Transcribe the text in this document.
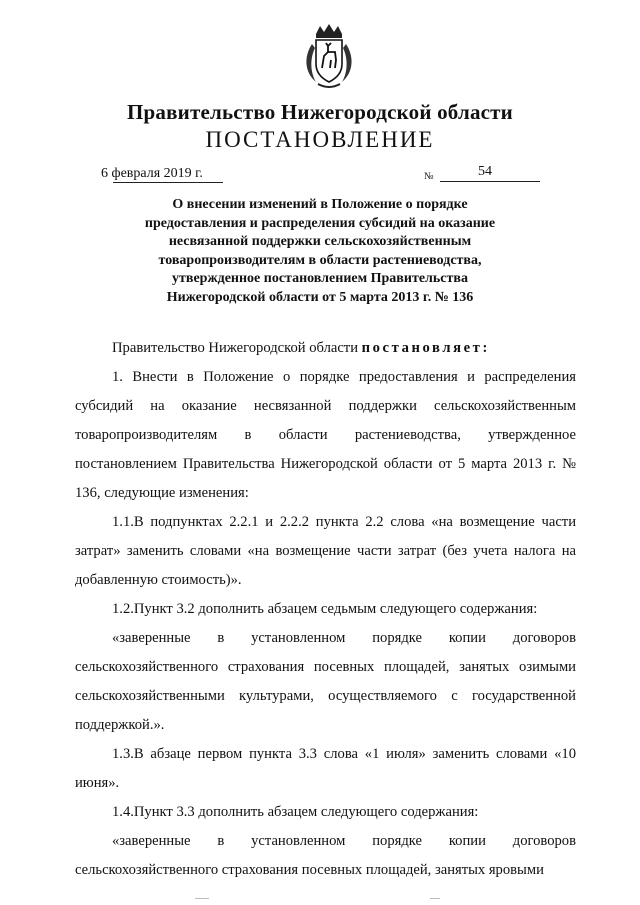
Правительство Нижегородской области
ПОСТАНОВЛЕНИЕ
6 февраля 2019 г.	№	54
О внесении изменений в Положение о порядке
предоставления и распределения субсидий на оказание
несвязанной поддержки сельскохозяйственным
товаропроизводителям в области растениеводства,
утвержденное постановлением Правительства
Нижегородской области от 5 марта 2013 г. № 136

Правительство Нижегородской области постановляет:

1. Внести в Положение о порядке предоставления и распределения субсидий на оказание несвязанной поддержки сельскохозяйственным товаропроизводителям в области растениеводства, утвержденное постановлением Правительства Нижегородской области от 5 марта 2013 г. № 136, следующие изменения:

1.1.В подпунктах 2.2.1 и 2.2.2 пункта 2.2 слова «на возмещение части затрат» заменить словами «на возмещение части затрат (без учета налога на добавленную стоимость)».

1.2.Пункт 3.2 дополнить абзацем седьмым следующего содержания:

«заверенные в установленном порядке копии договоров сельскохозяйственного страхования посевных площадей, занятых озимыми сельскохозяйственными культурами, осуществляемого с государственной поддержкой.».

1.3.В абзаце первом пункта 3.3 слова «1 июля» заменить словами «10 июня».

1.4.Пункт 3.3 дополнить абзацем следующего содержания:

«заверенные в установленном порядке копии договоров сельскохозяйственного страхования посевных площадей, занятых яровыми
